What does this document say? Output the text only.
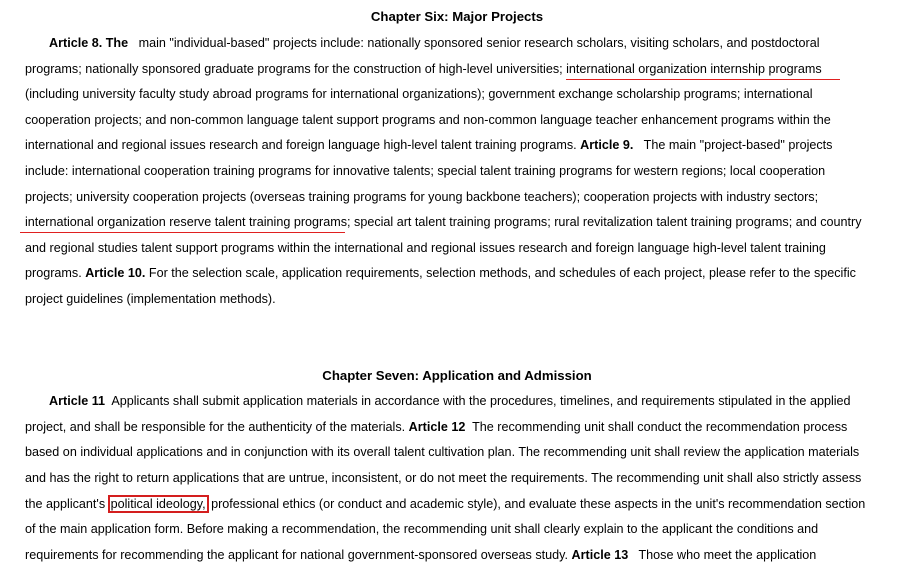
Chapter Six: Major Projects
Article 8. The   main "individual-based" projects include: nationally sponsored senior research scholars, visiting scholars, and postdoctoral
programs; nationally sponsored graduate programs for the construction of high-level universities; international organization internship programs
(including university faculty study abroad programs for international organizations); government exchange scholarship programs; international
cooperation projects; and non-common language talent support programs and non-common language teacher enhancement programs within the
international and regional issues research and foreign language high-level talent training programs. Article 9.   The main "project-based" projects
include: international cooperation training programs for innovative talents; special talent training programs for western regions; local cooperation
projects; university cooperation projects (overseas training programs for young backbone teachers); cooperation projects with industry sectors;
international organization reserve talent training programs; special art talent training programs; rural revitalization talent training programs; and country
and regional studies talent support programs within the international and regional issues research and foreign language high-level talent training
programs. Article 10. For the selection scale, application requirements, selection methods, and schedules of each project, please refer to the specific
project guidelines (implementation methods).
Chapter Seven: Application and Admission
Article 11  Applicants shall submit application materials in accordance with the procedures, timelines, and requirements stipulated in the applied
project, and shall be responsible for the authenticity of the materials. Article 12  The recommending unit shall conduct the recommendation process
based on individual applications and in conjunction with its overall talent cultivation plan. The recommending unit shall review the application materials
and has the right to return applications that are untrue, inconsistent, or do not meet the requirements. The recommending unit shall also strictly assess
the applicant's political ideology, professional ethics (or conduct and academic style), and evaluate these aspects in the unit's recommendation section
of the main application form. Before making a recommendation, the recommending unit shall clearly explain to the applicant the conditions and
requirements for recommending the applicant for national government-sponsored overseas study. Article 13   Those who meet the application
